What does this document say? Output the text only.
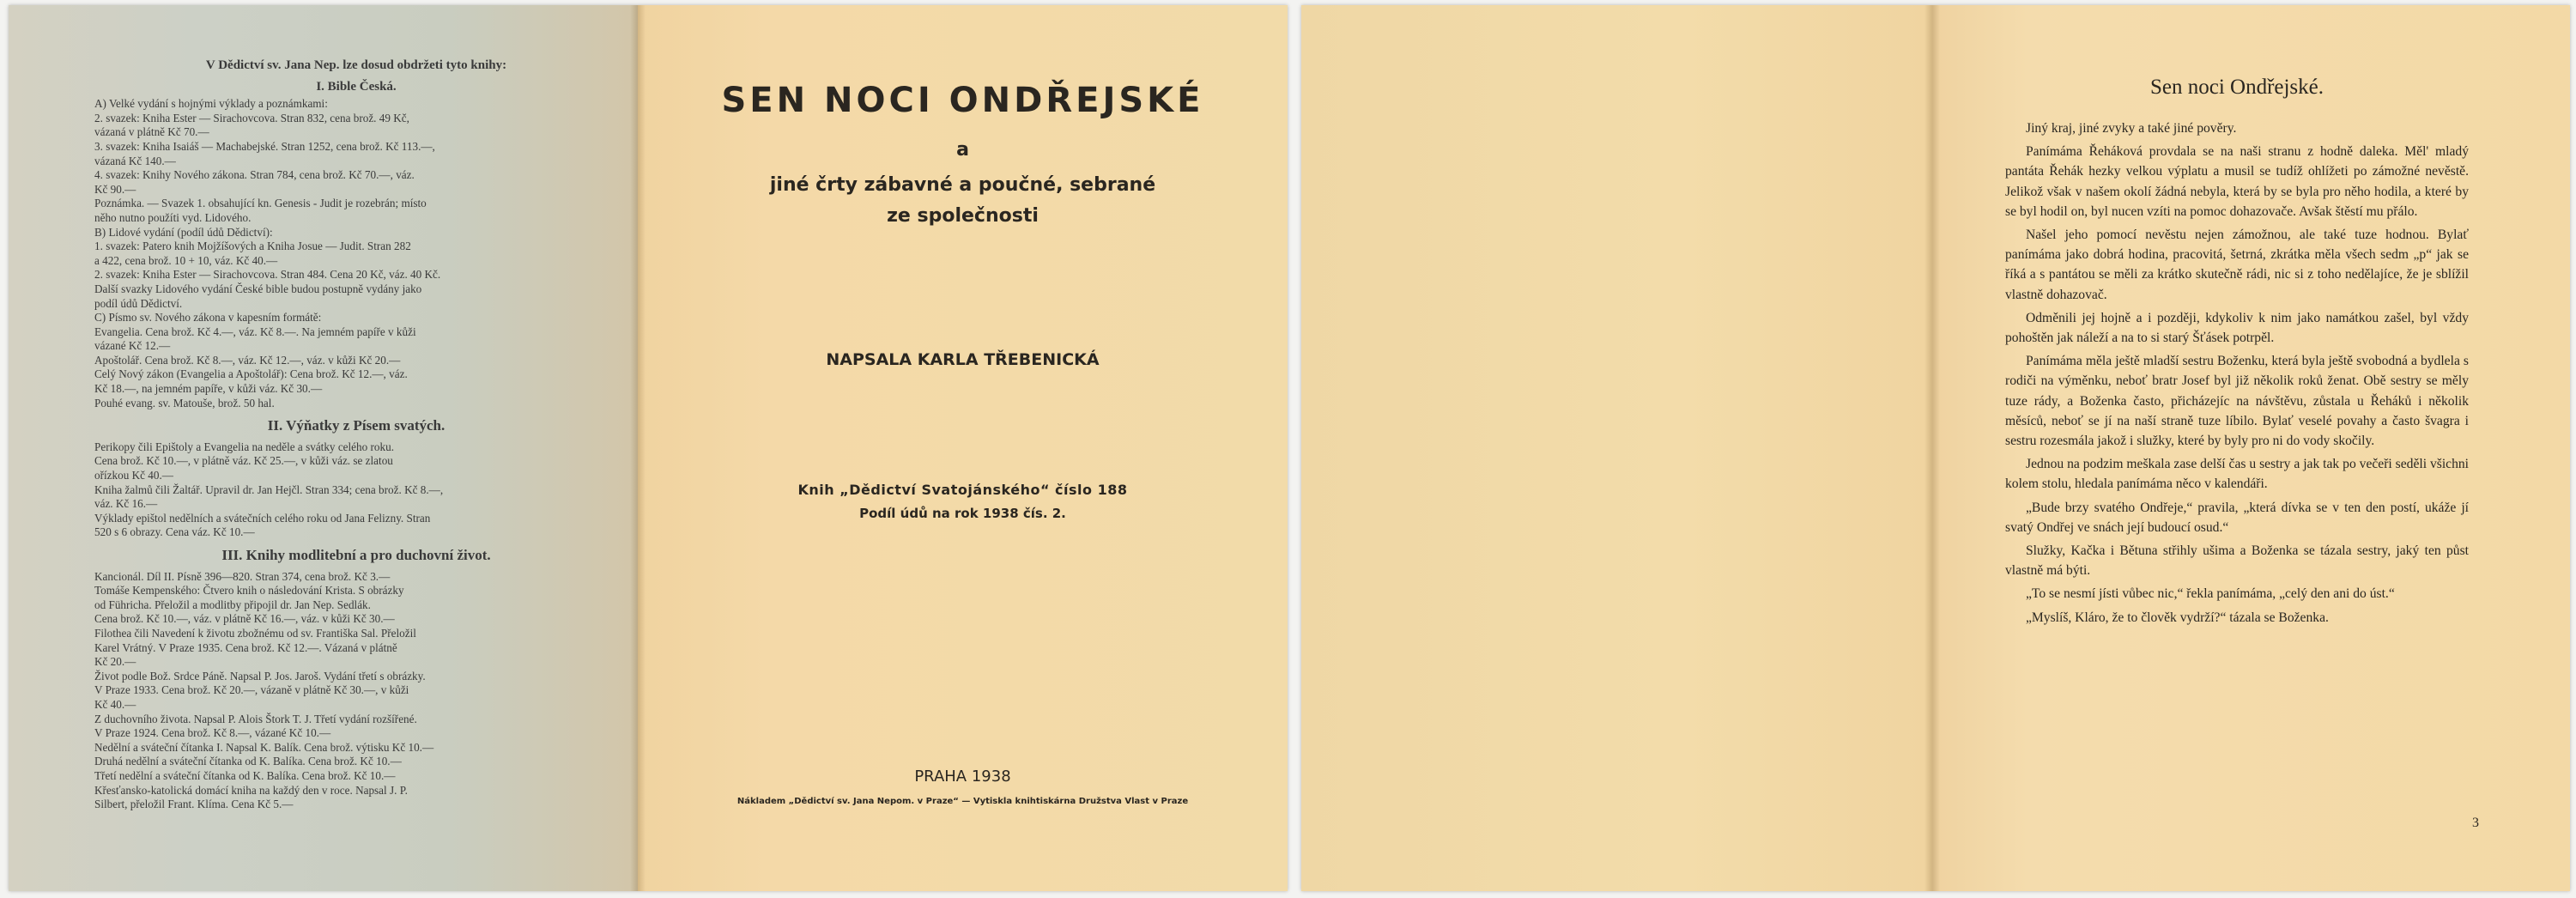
V Dědictví sv. Jana Nep. lze dosud obdržeti tyto knihy:
I. Bible Česká.
A) Velké vydání s hojnými výklady a poznámkami:
2. svazek: Kniha Ester — Sirachovcova. Stran 832, cena brož. 49 Kč,
vázaná v plátně Kč 70.—
3. svazek: Kniha Isaiáš — Machabejské. Stran 1252, cena brož. Kč 113.—,
vázaná Kč 140.—
4. svazek: Knihy Nového zákona. Stran 784, cena brož. Kč 70.—, váz.
Kč 90.—
Poznámka. — Svazek 1. obsahující kn. Genesis - Judit je rozebrán; místo
něho nutno použíti vyd. Lidového.
B) Lidové vydání (podíl údů Dědictví):
1. svazek: Patero knih Mojžíšových a Kniha Josue — Judit. Stran 282
a 422, cena brož. 10 + 10, váz. Kč 40.—
2. svazek: Kniha Ester — Sirachovcova. Stran 484. Cena 20 Kč, váz. 40 Kč.
Další svazky Lidového vydání České bible budou postupně vydány jako
podíl údů Dědictví.
C) Písmo sv. Nového zákona v kapesním formátě:
Evangelia. Cena brož. Kč 4.—, váz. Kč 8.—. Na jemném papíře v kůži
vázané Kč 12.—
Apoštolář. Cena brož. Kč 8.—, váz. Kč 12.—, váz. v kůži Kč 20.—
Celý Nový zákon (Evangelia a Apoštolář): Cena brož. Kč 12.—, váz.
Kč 18.—, na jemném papíře, v kůži váz. Kč 30.—
Pouhé evang. sv. Matouše, brož. 50 hal.
II. Výňatky z Písem svatých.
Perikopy čili Epištoly a Evangelia na neděle a svátky celého roku.
Cena brož. Kč 10.—, v plátně váz. Kč 25.—, v kůži váz. se zlatou
ořízkou Kč 40.—
Kniha žalmů čili Žaltář. Upravil dr. Jan Hejčl. Stran 334; cena brož. Kč 8.—,
váz. Kč 16.—
Výklady epištol nedělních a svátečních celého roku od Jana Felizny. Stran
520 s 6 obrazy. Cena váz. Kč 10.—
III. Knihy modlitební a pro duchovní život.
Kancionál. Díl II. Písně 396—820. Stran 374, cena brož. Kč 3.—
Tomáše Kempenského: Čtvero knih o následování Krista. S obrázky
od Führicha. Přeložil a modlitby připojil dr. Jan Nep. Sedlák.
Cena brož. Kč 10.—, váz. v plátně Kč 16.—, váz. v kůži Kč 30.—
Filothea čili Navedení k životu zbožnému od sv. Františka Sal. Přeložil
Karel Vrátný. V Praze 1935. Cena brož. Kč 12.—. Vázaná v plátně
Kč 20.—
Život podle Bož. Srdce Páně. Napsal P. Jos. Jaroš. Vydání třetí s obrázky.
V Praze 1933. Cena brož. Kč 20.—, vázaně v plátně Kč 30.—, v kůži
Kč 40.—
Z duchovního života. Napsal P. Alois Štork T. J. Třetí vydání rozšířené.
V Praze 1924. Cena brož. Kč 8.—, vázané Kč 10.—
Nedělní a sváteční čítanka I. Napsal K. Balík. Cena brož. výtisku Kč 10.—
Druhá nedělní a sváteční čítanka od K. Balíka. Cena brož. Kč 10.—
Třetí nedělní a sváteční čítanka od K. Balíka. Cena brož. Kč 10.—
Křesťansko-katolická domácí kniha na každý den v roce. Napsal J. P.
Silbert, přeložil Frant. Klíma. Cena Kč 5.—
SEN NOCI ONDŘEJSKÉ
a
jiné črty zábavné a poučné, sebrané
ze společnosti
NAPSALA KARLA TŘEBENICKÁ
Knih „Dědictví Svatojánského“ číslo 188
Podíl údů na rok 1938 čís. 2.
PRAHA 1938
Nákladem „Dědictví sv. Jana Nepom. v Praze“ — Vytiskla knihtiskárna Družstva Vlast v Praze
Sen noci Ondřejské.

Jiný kraj, jiné zvyky a také jiné pověry.

Panímáma Řeháková provdala se na naši stranu z hodně daleka. Měl' mladý pantáta Řehák hezky velkou výplatu a musil se tudíž ohlížeti po zámožné nevěstě. Jelikož však v našem okolí žádná nebyla, která by se byla pro něho hodila, a které by se byl hodil on, byl nucen vzíti na pomoc dohazovače. Avšak štěstí mu přálo.

Našel jeho pomocí nevěstu nejen zámožnou, ale také tuze hodnou. Bylať panímáma jako dobrá hodina, pracovitá, šetrná, zkrátka měla všech sedm „p“ jak se říká a s pantátou se měli za krátko skutečně rádi, nic si z toho nedělajíce, že je sblížil vlastně dohazovač.

Odměnili jej hojně a i později, kdykoliv k nim jako namátkou zašel, byl vždy pohoštěn jak náleží a na to si starý Šťásek potrpěl.

Panímáma měla ještě mladší sestru Boženku, která byla ještě svobodná a bydlela s rodiči na výměnku, neboť bratr Josef byl již několik roků ženat. Obě sestry se měly tuze rády, a Boženka často, přicházejíc na návštěvu, zůstala u Řeháků i několik měsíců, neboť se jí na naší straně tuze líbilo. Bylať veselé povahy a často švagra i sestru rozesmála jakož i služky, které by byly pro ni do vody skočily.

Jednou na podzim meškala zase delší čas u sestry a jak tak po večeři seděli všichni kolem stolu, hledala panímáma něco v kalendáři.

„Bude brzy svatého Ondřeje,“ pravila, „která dívka se v ten den postí, ukáže jí svatý Ondřej ve snách její budoucí osud.“

Služky, Kačka i Bětuna střihly ušima a Boženka se tázala sestry, jaký ten půst vlastně má býti.

„To se nesmí jísti vůbec nic,“ řekla panímáma, „celý den ani do úst.“

„Myslíš, Kláro, že to člověk vydrží?“ tázala se Boženka.

3
